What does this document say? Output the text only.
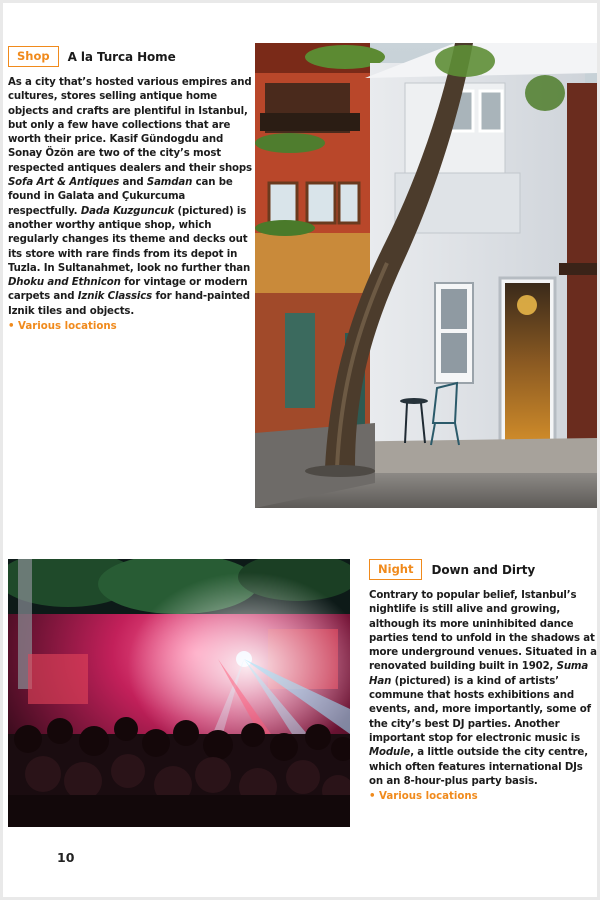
Shop	A la Turca Home

As a city that’s hosted various empires and cultures, stores selling antique home objects and crafts are plentiful in Istanbul, but only a few have collections that are worth their price. Kasif Gündogdu and Sonay Özön are two of the city’s most respected antiques dealers and their shops Sofa Art & Antiques and Samdan can be found in Galata and Çukurcuma respectfully. Dada Kuzguncuk (pictured) is another worthy antique shop, which regularly changes its theme and decks out its store with rare finds from its depot in Tuzla. In Sultanahmet, look no further than Dhoku and Ethnicon for vintage or modern carpets and Iznik Classics for hand-painted Iznik tiles and objects.

• Various locations
Night	Down and Dirty

Contrary to popular belief, Istanbul’s nightlife is still alive and growing, although its more uninhibited dance parties tend to unfold in the shadows at more underground venues. Situated in a renovated building built in 1902, Suma Han (pictured) is a kind of artists’ commune that hosts exhibitions and events, and, more importantly, some of the city’s best DJ parties. Another important stop for electronic music is Module, a little outside the city centre, which often features international DJs on an 8-hour-plus party basis.

• Various locations
10
